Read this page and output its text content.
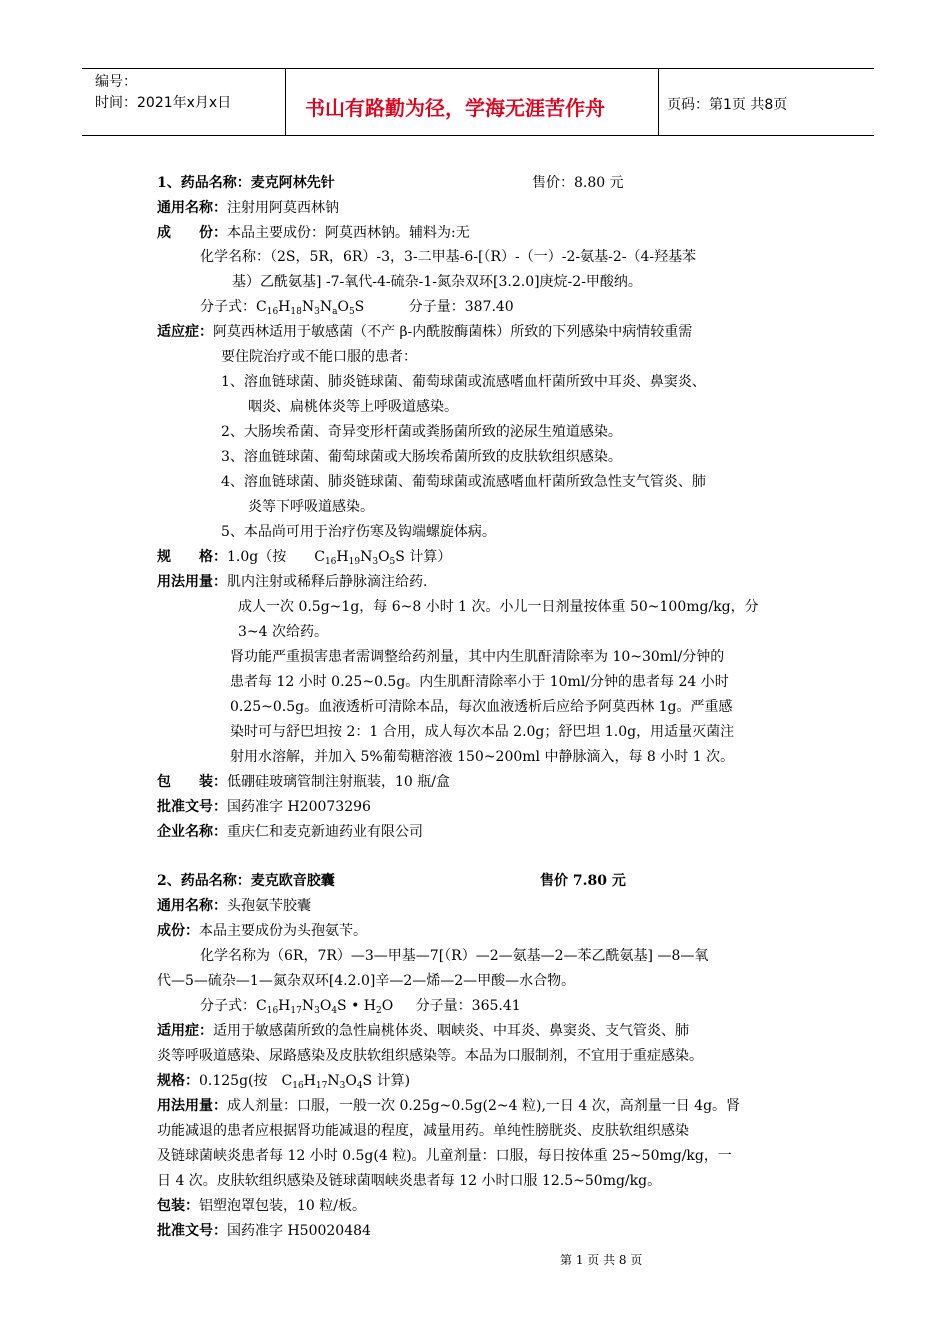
编号：
时间：2021年x月x日	书山有路勤为径，学海无涯苦作舟	页码：第1页 共8页
1、药品名称：麦克阿林先针	售价：8.80 元
通用名称：注射用阿莫西林钠
成　　份：本品主要成份：阿莫西林钠。辅料为:无
化学名称：（2S，5R，6R）-3，3-二甲基-6-[（R）-（一）-2-氨基-2-（4-羟基苯
基）乙酰氨基] -7-氧代-4-硫杂-1-氮杂双环[3.2.0]庚烷-2-甲酸纳。
分子式：$C_{16}H_{18}N_3N_aO_5S$	分子量：387.40
适应症：阿莫西林适用于敏感菌（不产 β-内酰胺酶菌株）所致的下列感染中病情较重需
要住院治疗或不能口服的患者：
1、溶血链球菌、肺炎链球菌、葡萄球菌或流感嗜血杆菌所致中耳炎、鼻窦炎、
咽炎、扁桃体炎等上呼吸道感染。
2、大肠埃希菌、奇异变形杆菌或粪肠菌所致的泌尿生殖道感染。
3、溶血链球菌、葡萄球菌或大肠埃希菌所致的皮肤软组织感染。
4、溶血链球菌、肺炎链球菌、葡萄球菌或流感嗜血杆菌所致急性支气管炎、肺
炎等下呼吸道感染。
5、本品尚可用于治疗伤寒及钩端螺旋体病。
规　　格：1.0g（按　　$C_{16}H_{19}N_3O_5S$ 计算）
用法用量：肌内注射或稀释后静脉滴注给药.
成人一次 0.5g~1g，每 6~8 小时 1 次。小儿一日剂量按体重 50~100mg/kg，分
3~4 次给药。
肾功能严重损害患者需调整给药剂量，其中内生肌酐清除率为 10~30ml/分钟的
患者每 12 小时 0.25~0.5g。内生肌酐清除率小于 10ml/分钟的患者每 24 小时
0.25~0.5g。血液透析可清除本品，每次血液透析后应给予阿莫西林 1g。严重感
染时可与舒巴坦按 2：1 合用，成人每次本品 2.0g；舒巴坦 1.0g，用适量灭菌注
射用水溶解，并加入 5%葡萄糖溶液 150~200ml 中静脉滴入，每 8 小时 1 次。
包　　装：低硼硅玻璃管制注射瓶装，10 瓶/盒
批准文号：国药准字 H20073296
企业名称：重庆仁和麦克新迪药业有限公司
2、药品名称：麦克欧音胶囊	售价 7.80 元
通用名称：头孢氨苄胶囊
成份：本品主要成份为头孢氨苄。
化学名称为（6R，7R）—3—甲基—7[（R）—2—氨基—2—苯乙酰氨基] —8—氧
代—5—硫杂—1—氮杂双环[4.2.0]辛—2—烯—2—甲酸—水合物。
分子式：$C_{16}H_{17}N_3O_4S$ • $H_2O$ 分子量：365.41
适用症：适用于敏感菌所致的急性扁桃体炎、咽峡炎、中耳炎、鼻窦炎、支气管炎、肺
炎等呼吸道感染、尿路感染及皮肤软组织感染等。本品为口服制剂，不宜用于重症感染。
规格：0.125g(按　$C_{16}H_{17}N_3O_4S$ 计算)
用法用量：成人剂量：口服，一般一次 0.25g~0.5g(2~4 粒),一日 4 次，高剂量一日 4g。肾
功能减退的患者应根据肾功能减退的程度，减量用药。单纯性膀胱炎、皮肤软组织感染
及链球菌峡炎患者每 12 小时 0.5g(4 粒)。儿童剂量：口服，每日按体重 25~50mg/kg，一
日 4 次。皮肤软组织感染及链球菌咽峡炎患者每 12 小时口服 12.5~50mg/kg。
包装：铝塑泡罩包装，10 粒/板。
批准文号：国药准字 H50020484
第 1 页 共 8 页
